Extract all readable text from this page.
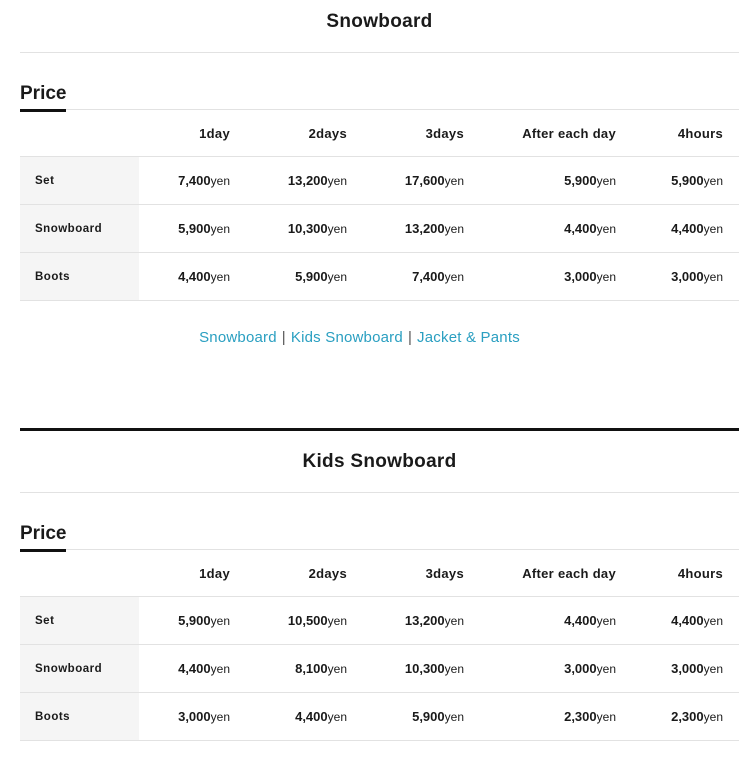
Snowboard
Price
	1day	2days	3days	After each day	4hours
Set	7,400yen	13,200yen	17,600yen	5,900yen	5,900yen
Snowboard	5,900yen	10,300yen	13,200yen	4,400yen	4,400yen
Boots	4,400yen	5,900yen	7,400yen	3,000yen	3,000yen
Snowboard | Kids Snowboard | Jacket & Pants
Kids Snowboard
Price
	1day	2days	3days	After each day	4hours
Set	5,900yen	10,500yen	13,200yen	4,400yen	4,400yen
Snowboard	4,400yen	8,100yen	10,300yen	3,000yen	3,000yen
Boots	3,000yen	4,400yen	5,900yen	2,300yen	2,300yen
